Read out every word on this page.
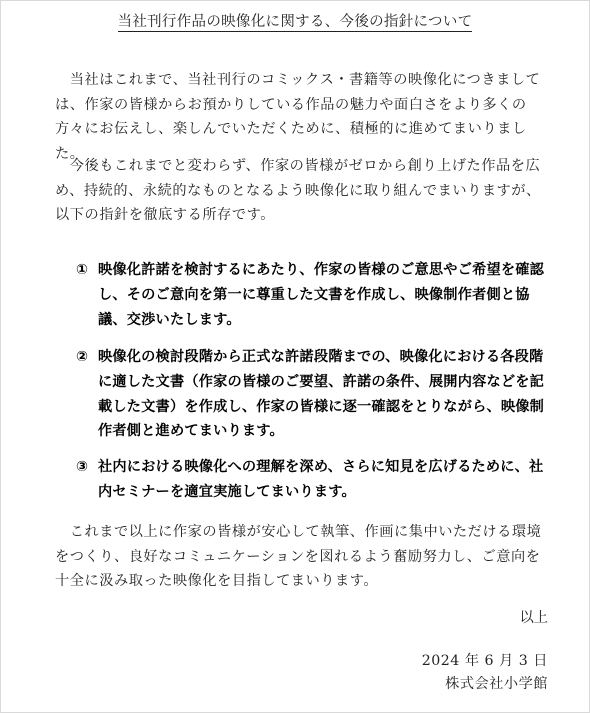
当社刊行作品の映像化に関する、今後の指針について
　当社はこれまで、当社刊行のコミックス・書籍等の映像化につきましては、作家の皆様からお預かりしている作品の魅力や面白さをより多くの方々にお伝えし、楽しんでいただくために、積極的に進めてまいりました。
　今後もこれまでと変わらず、作家の皆様がゼロから創り上げた作品を広め、持続的、永続的なものとなるよう映像化に取り組んでまいりますが、以下の指針を徹底する所存です。
① 映像化許諾を検討するにあたり、作家の皆様のご意思やご希望を確認し、そのご意向を第一に尊重した文書を作成し、映像制作者側と協議、交渉いたします。
② 映像化の検討段階から正式な許諾段階までの、映像化における各段階に適した文書（作家の皆様のご要望、許諾の条件、展開内容などを記載した文書）を作成し、作家の皆様に逐一確認をとりながら、映像制作者側と進めてまいります。
③ 社内における映像化への理解を深め、さらに知見を広げるために、社内セミナーを適宜実施してまいります。
　これまで以上に作家の皆様が安心して執筆、作画に集中いただける環境をつくり、良好なコミュニケーションを図れるよう奮励努力し、ご意向を十全に汲み取った映像化を目指してまいります。
以上
2024 年 6 月 3 日
株式会社小学館
